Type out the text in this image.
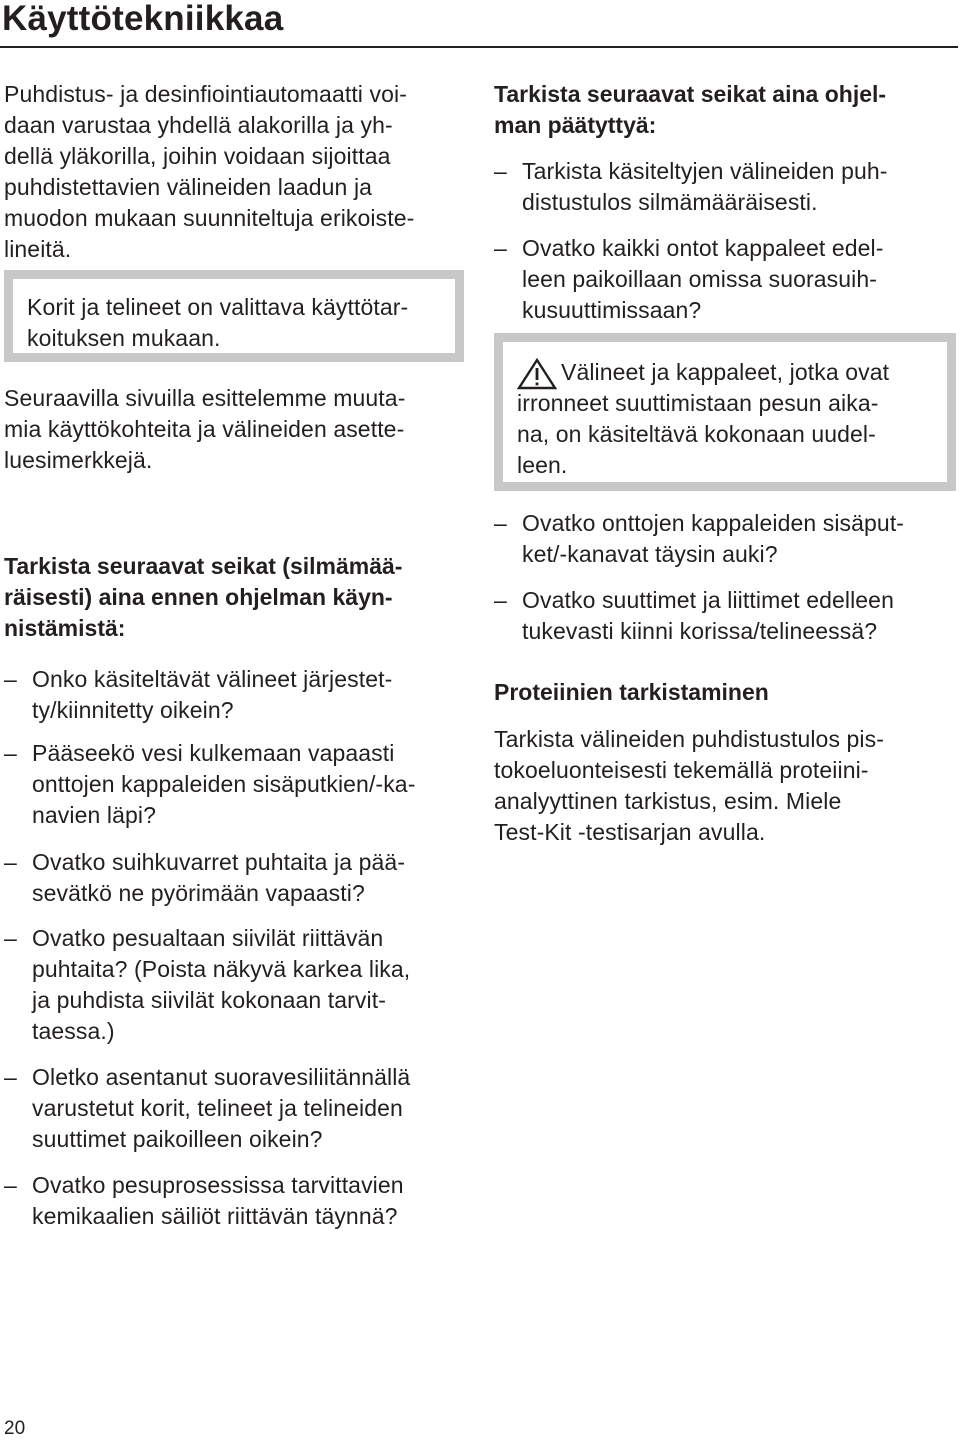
Käyttötekniikkaa

Puhdistus- ja desinfiointiautomaatti voi-
daan varustaa yhdellä alakorilla ja yh-
dellä yläkorilla, joihin voidaan sijoittaa
puhdistettavien välineiden laadun ja
muodon mukaan suunniteltuja erikoiste-
lineitä.

Korit ja telineet on valittava käyttötar-
koituksen mukaan.

Seuraavilla sivuilla esittelemme muuta-
mia käyttökohteita ja välineiden asette-
luesimerkkejä.

Tarkista seuraavat seikat (silmämää-
räisesti) aina ennen ohjelman käyn-
nistämistä:
– Onko käsiteltävät välineet järjestet-
ty/kiinnitetty oikein?

– Pääseekö vesi kulkemaan vapaasti
onttojen kappaleiden sisäputkien/-ka-
navien läpi?

– Ovatko suihkuvarret puhtaita ja pää-
sevätkö ne pyörimään vapaasti?

– Ovatko pesualtaan siivilät riittävän
puhtaita? (Poista näkyvä karkea lika,
ja puhdista siivilät kokonaan tarvit-
taessa.)

– Oletko asentanut suoravesiliitännällä
varustetut korit, telineet ja telineiden
suuttimet paikoilleen oikein?

– Ovatko pesuprosessissa tarvittavien
kemikaalien säiliöt riittävän täynnä?

Tarkista seuraavat seikat aina ohjel-
man päätyttyä:
– Tarkista käsiteltyjen välineiden puh-
distustulos silmämääräisesti.

– Ovatko kaikki ontot kappaleet edel-
leen paikoillaan omissa suorasuih-
kusuuttimissaan?

Välineet ja kappaleet, jotka ovat
irronneet suuttimistaan pesun aika-
na, on käsiteltävä kokonaan uudel-
leen.

– Ovatko onttojen kappaleiden sisäput-
ket/-kanavat täysin auki?

– Ovatko suuttimet ja liittimet edelleen
tukevasti kiinni korissa/telineessä?

Proteiinien tarkistaminen

Tarkista välineiden puhdistustulos pis-
tokoeluonteisesti tekemällä proteiini-
analyyttinen tarkistus, esim. Miele
Test-Kit -testisarjan avulla.

20
